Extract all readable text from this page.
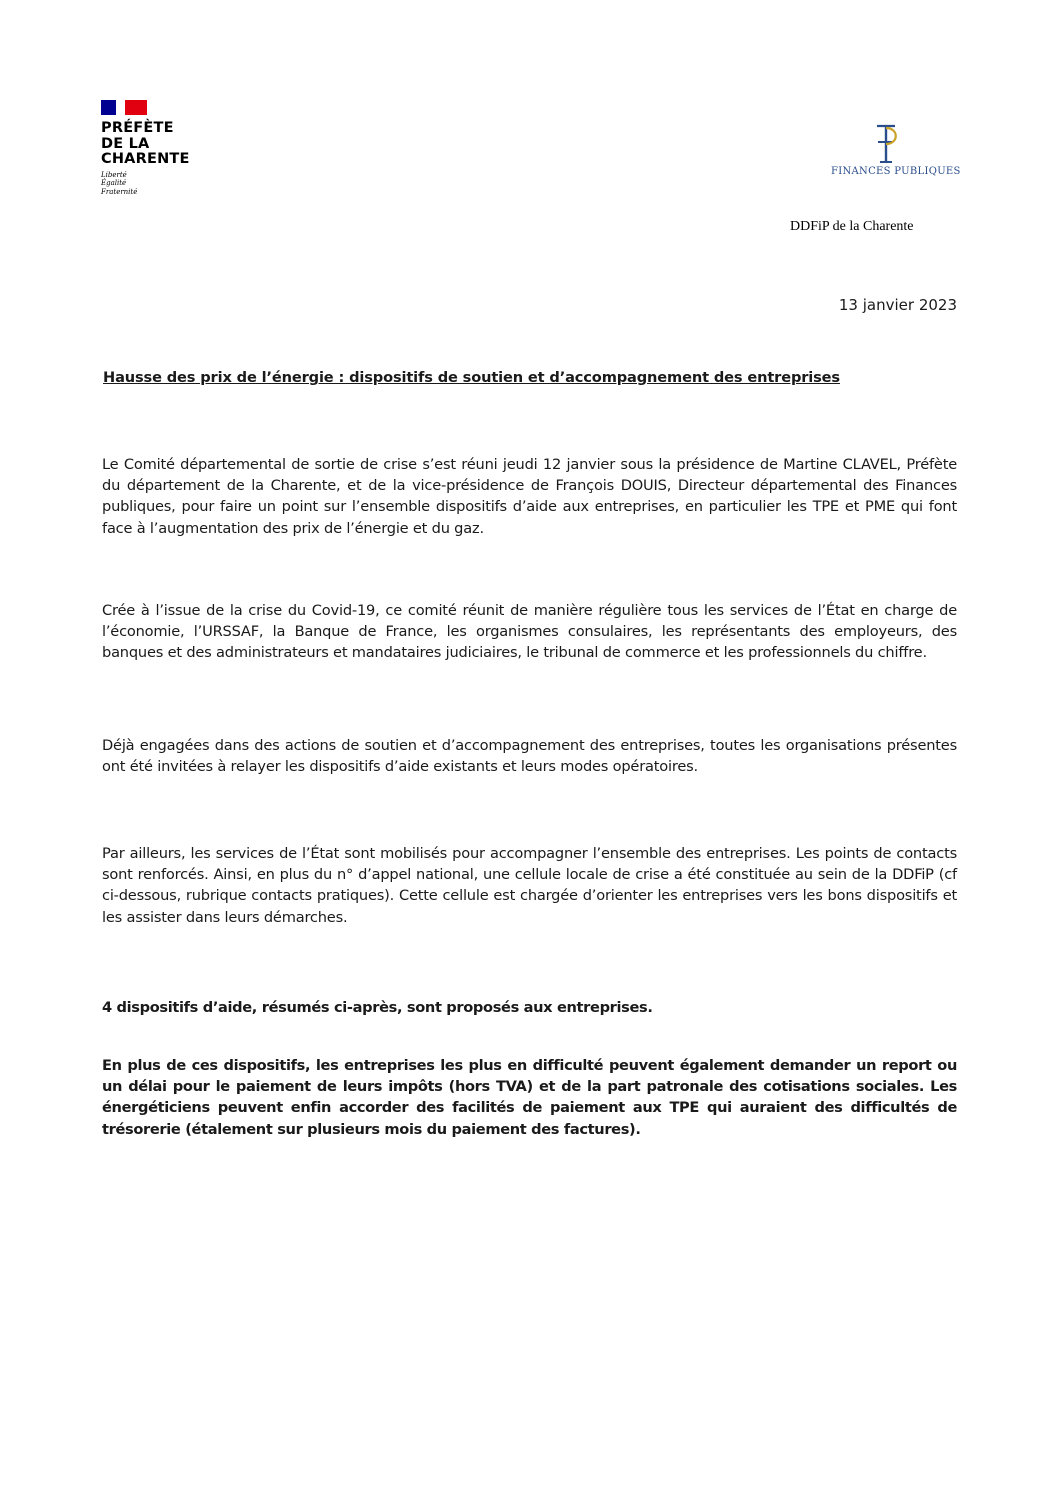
PRÉFÈTE
DE LA
CHARENTE
Liberté
Égalité
Fraternité
FINANCES PUBLIQUES
DDFiP de la Charente
13 janvier 2023
Hausse des prix de l’énergie : dispositifs de soutien et d’accompagnement des entreprises

Le Comité départemental de sortie de crise s’est réuni jeudi 12 janvier sous la présidence de Martine CLAVEL, Préfète du département de la Charente, et de la vice-présidence de François DOUIS, Directeur départemental des Finances publiques, pour faire un point sur l’ensemble dispositifs d’aide aux entreprises, en particulier les TPE et PME qui font face à l’augmentation des prix de l’énergie et du gaz.

Crée à l’issue de la crise du Covid-19, ce comité réunit de manière régulière tous les services de l’État en charge de l’économie, l’URSSAF, la Banque de France, les organismes consulaires, les représentants des employeurs, des banques et des administrateurs et mandataires judiciaires, le tribunal de commerce et les professionnels du chiffre.

Déjà engagées dans des actions de soutien et d’accompagnement des entreprises, toutes les organisations présentes ont été invitées à relayer les dispositifs d’aide existants et leurs modes opératoires.

Par ailleurs, les services de l’État sont mobilisés pour accompagner l’ensemble des entreprises. Les points de contacts sont renforcés. Ainsi, en plus du n° d’appel national, une cellule locale de crise a été constituée au sein de la DDFiP (cf ci-dessous, rubrique contacts pratiques). Cette cellule est chargée d’orienter les entreprises vers les bons dispositifs et les assister dans leurs démarches.

4 dispositifs d’aide, résumés ci-après, sont proposés aux entreprises.

En plus de ces dispositifs, les entreprises les plus en difficulté peuvent également demander un report ou un délai pour le paiement de leurs impôts (hors TVA) et de la part patronale des cotisations sociales. Les énergéticiens peuvent enfin accorder des facilités de paiement aux TPE qui auraient des difficultés de trésorerie (étalement sur plusieurs mois du paiement des factures).
